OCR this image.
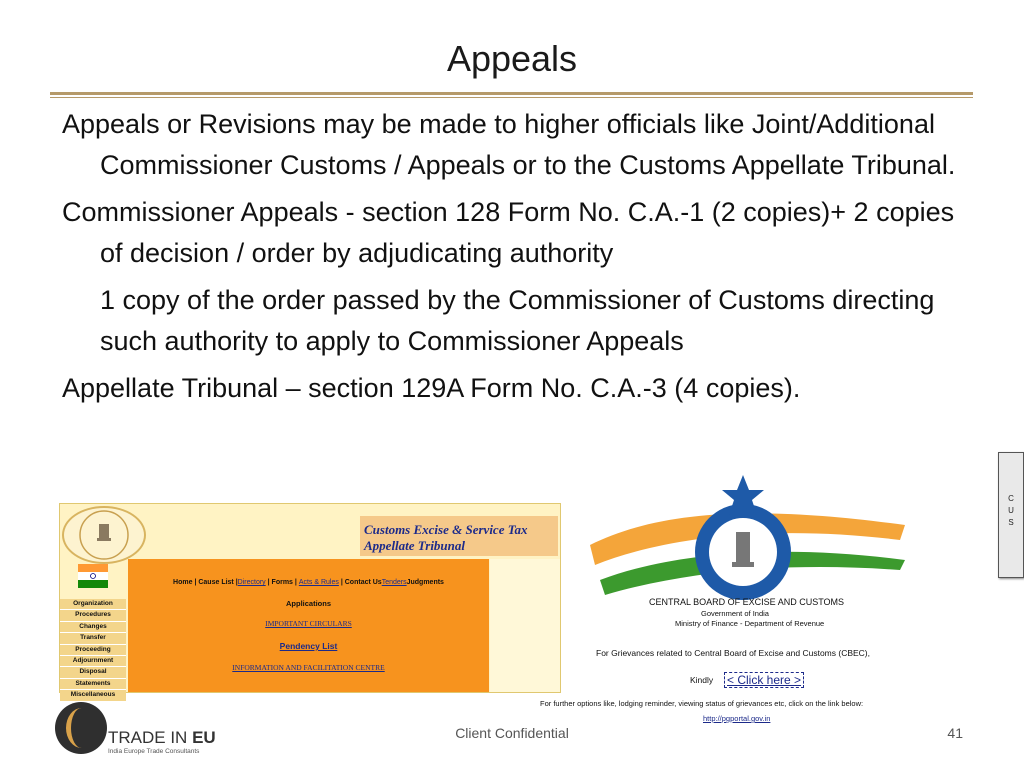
Appeals
Appeals or Revisions may be made to higher officials like Joint/Additional Commissioner Customs / Appeals or to the Customs Appellate Tribunal.
Commissioner Appeals - section 128 Form No. C.A.-1 (2 copies)+ 2 copies of decision / order by adjudicating authority
1 copy of the order passed by the Commissioner of Customs directing such authority to apply to Commissioner Appeals
Appellate Tribunal – section 129A Form No. C.A.-3 (4 copies).
Customs Excise & Service Tax Appellate Tribunal
Organization
Procedures
Changes
Transfer
Proceeding
Adjournment
Disposal
Statements
Miscellaneous
Home | Cause List |Directory | Forms | Acts & Rules | Contact UsTendersJudgments
Applications
IMPORTANT CIRCULARS
Pendency List
INFORMATION AND FACILITATION CENTRE
CENTRAL BOARD OF EXCISE AND CUSTOMS
Government of India
Ministry of Finance - Department of Revenue
For Grievances related to Central Board of Excise and Customs (CBEC),
Kindly
For further options like, lodging reminder, viewing status of grievances etc, click on the link below:
http://pgportal.gov.in
< Click here >
C
U
S
TRADE IN EU
India Europe Trade Consultants
Client Confidential	41
